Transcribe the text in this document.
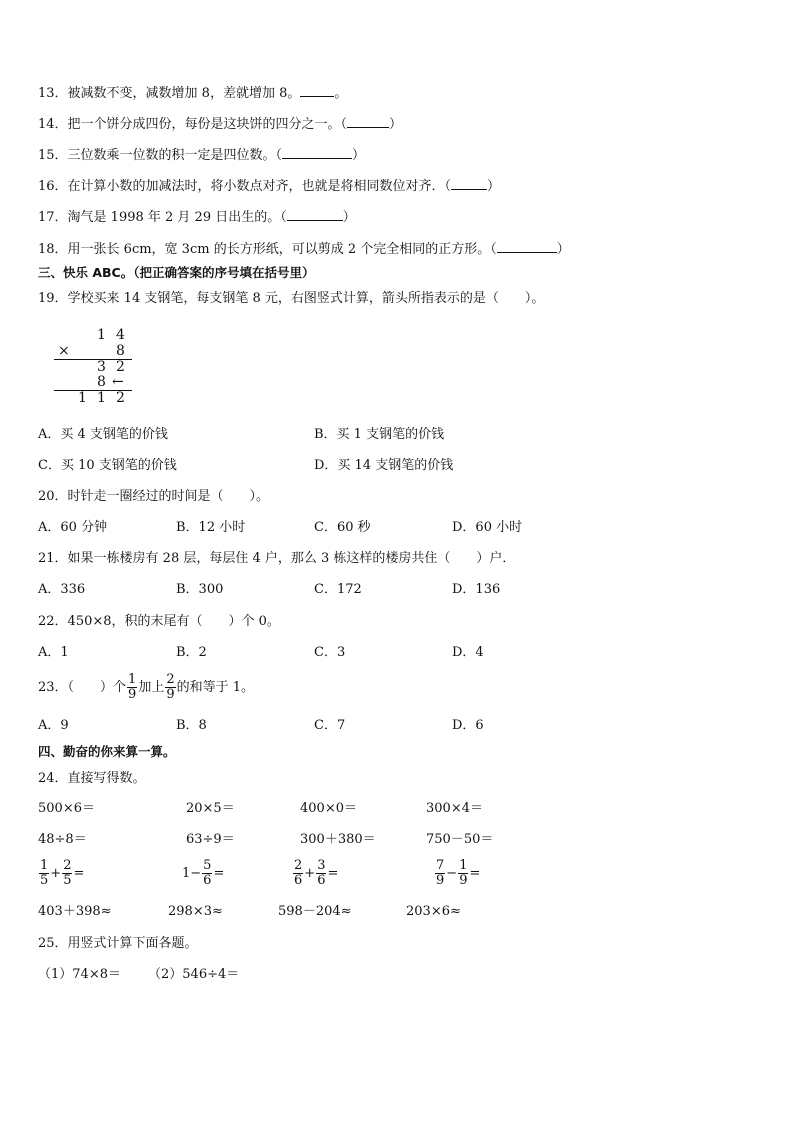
13．被减数不变，减数增加 8，差就增加 8。	。
14．把一个饼分成四份，每份是这块饼的四分之一。（	）
15．三位数乘一位数的积一定是四位数。（	）
16．在计算小数的加减法时，将小数点对齐，也就是将相同数位对齐．（	）
17．淘气是 1998 年 2 月 29 日出生的。（	）
18．用一张长 6cm，宽 3cm 的长方形纸，可以剪成 2 个完全相同的正方形。（	）
三、快乐 ABC。（把正确答案的序号填在括号里）
19．学校买来 14 支钢笔，每支钢笔 8 元，右图竖式计算，箭头所指表示的是（　　）。
1 4
×	8
3 2
8 ←
1 1 2
A．买 4 支钢笔的价钱	B．买 1 支钢笔的价钱
C．买 10 支钢笔的价钱	D．买 14 支钢笔的价钱
20．时针走一圈经过的时间是（　　）。
A．60 分钟	B．12 小时	C．60 秒	D．60 小时
21．如果一栋楼房有 28 层，每层住 4 户，那么 3 栋这样的楼房共住（　　）户．
A．336	B．300	C．172	D．136
22．450×8，积的末尾有（　　）个 0。
A．1	B．2	C．3	D．4
23．（　　）个 $\frac{1}{9}$ 加上 $\frac{2}{9}$ 的和等于 1。
A．9	B．8	C．7	D．6
四、勤奋的你来算一算。
24．直接写得数。
500×6＝	20×5＝	400×0＝	300×4＝
48÷8＝	63÷9＝	300＋380＝	750－50＝
$\frac{1}{5} + \frac{2}{5}$ =	$1- \frac{5}{6}$ =	$\frac{2}{6} + \frac{3}{6}$ =	$\frac{7}{9} - \frac{1}{9}$ =
403＋398≈	298×3≈	598－204≈	203×6≈
25．用竖式计算下面各题。
（1）74×8＝ （2）546÷4＝
